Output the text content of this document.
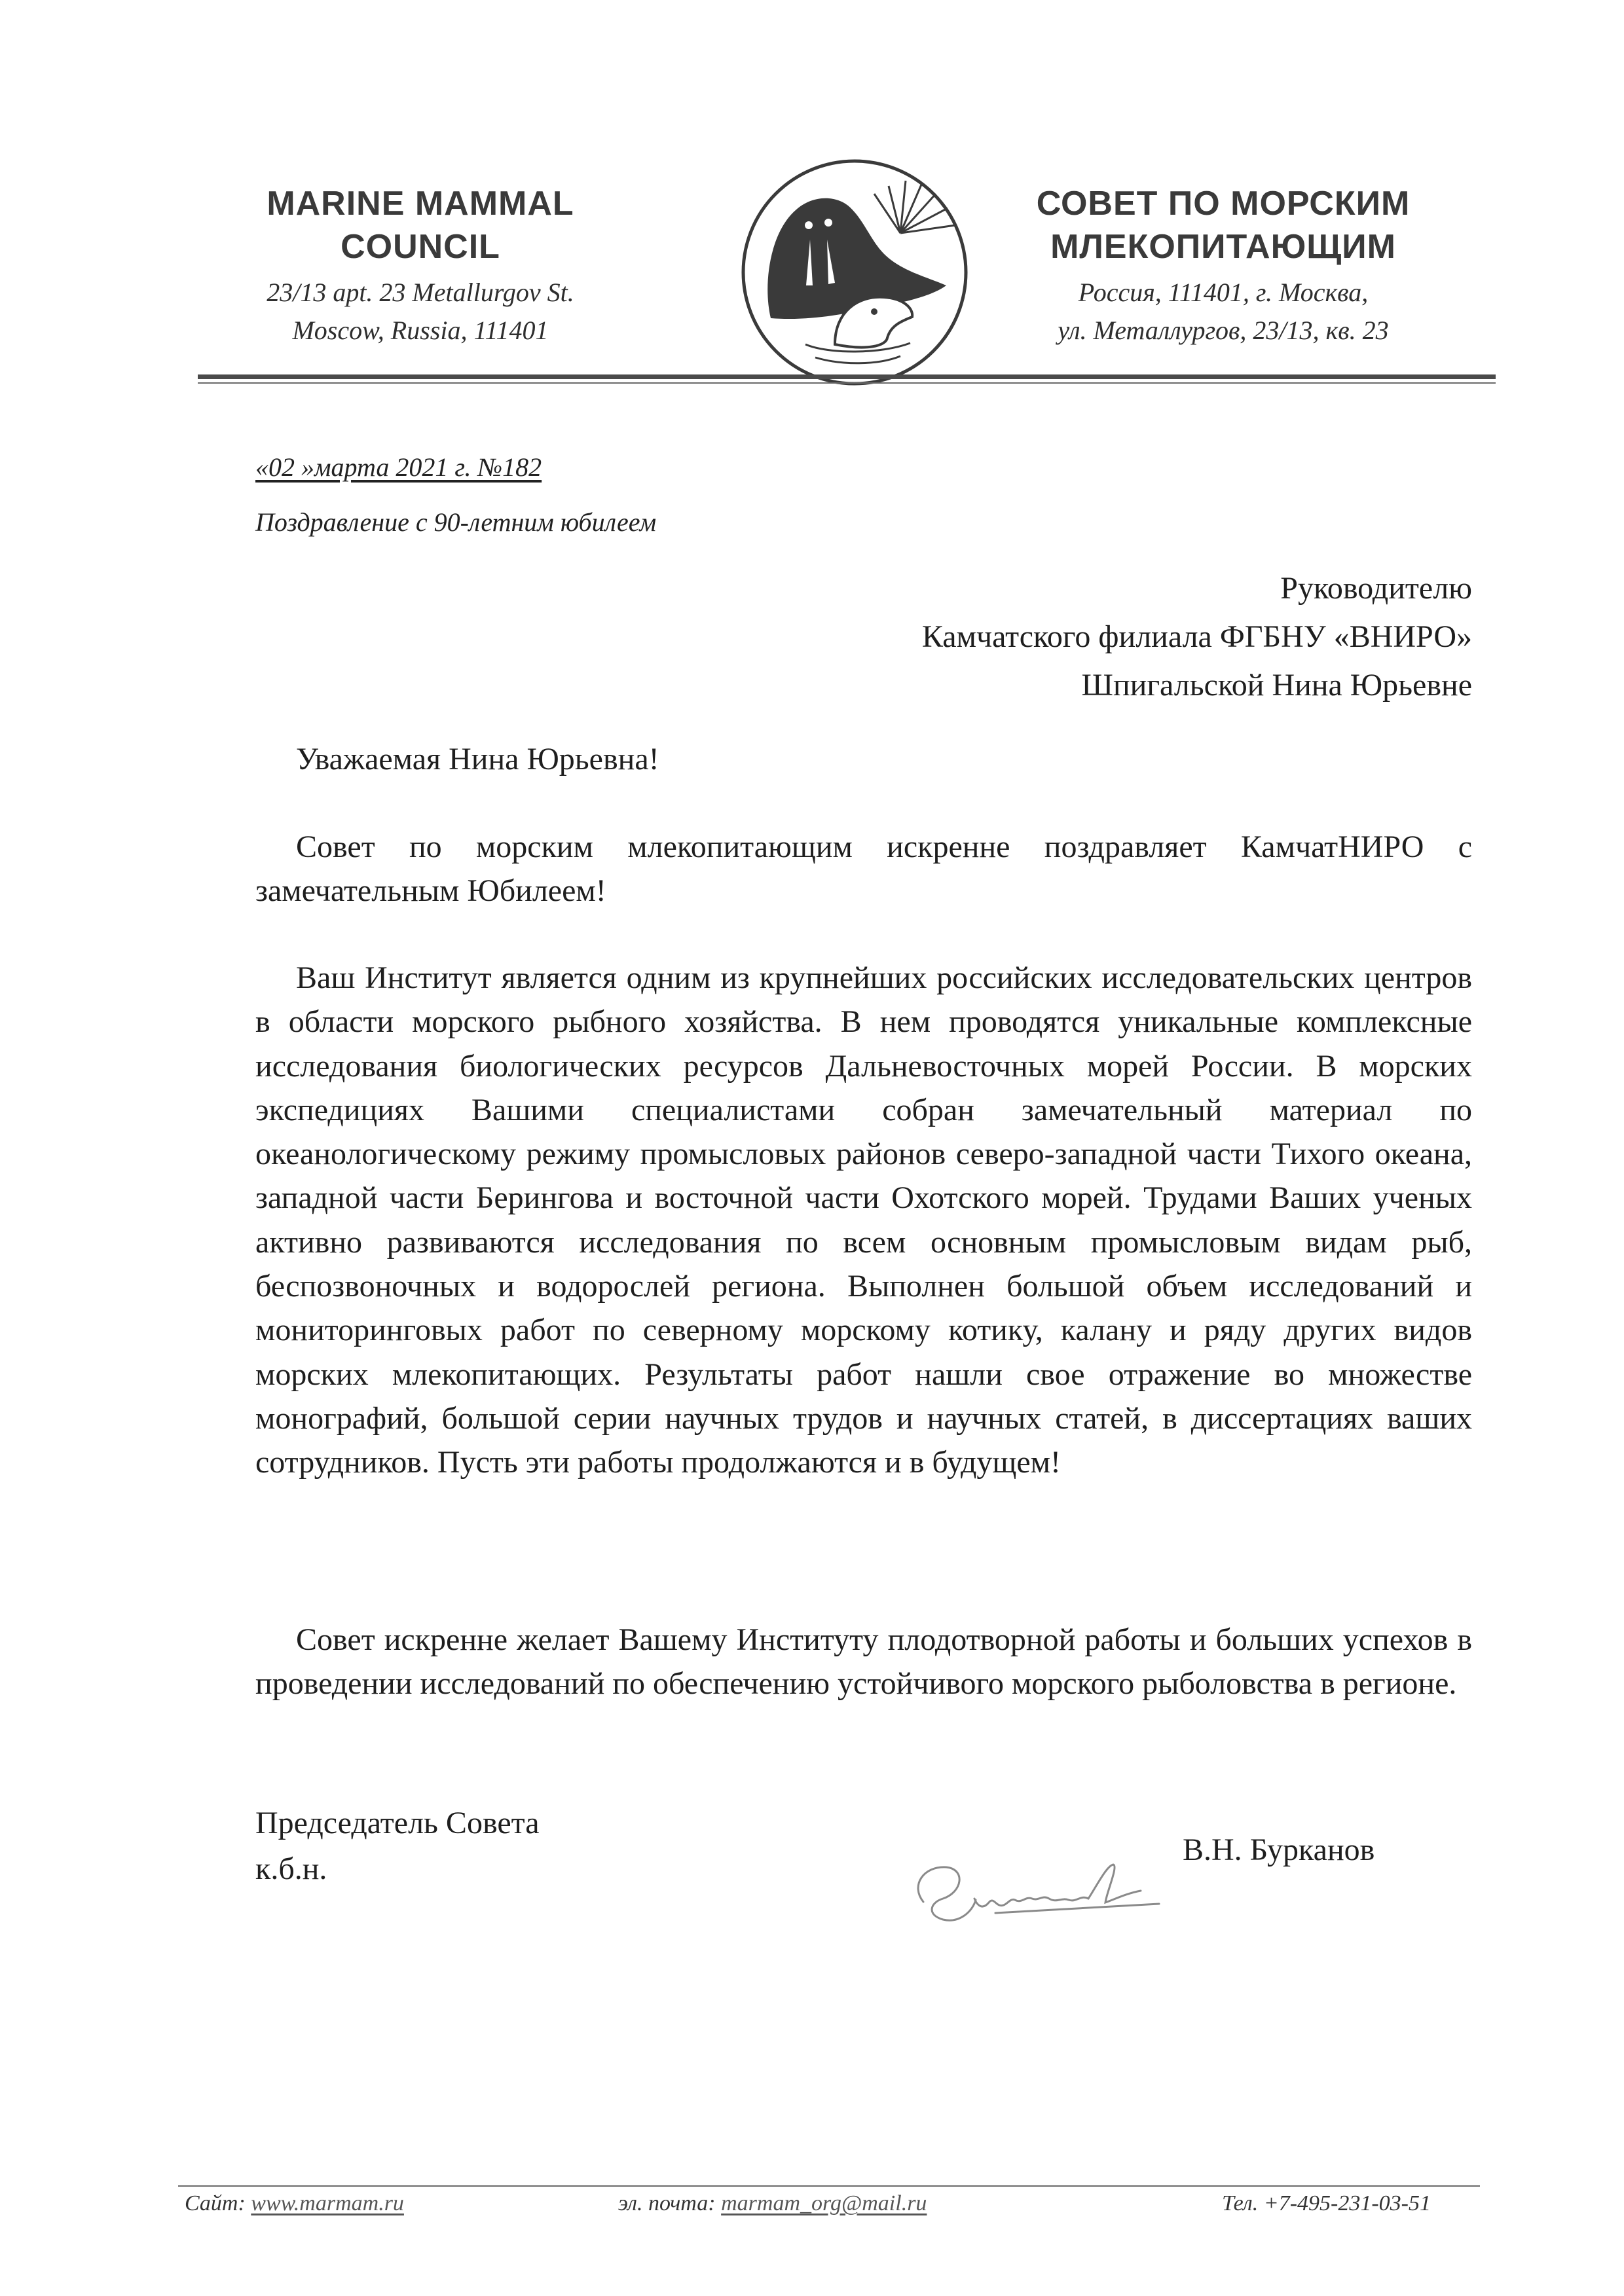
MARINE MAMMAL
COUNCIL
23/13 apt. 23 Metallurgov St.
Moscow, Russia, 111401
СОВЕТ ПО МОРСКИМ
МЛЕКОПИТАЮЩИМ
Россия, 111401, г. Москва,
ул. Металлургов, 23/13, кв. 23
«02 »марта 2021 г. №182
Поздравление с 90-летним юбилеем
Руководителю
Камчатского филиала ФГБНУ «ВНИРО»
Шпигальской Нина Юрьевне
Уважаемая Нина Юрьевна!
Совет по морским млекопитающим искренне поздравляет КамчатНИРО с замечательным Юбилеем!
Ваш Институт является одним из крупнейших российских исследовательских центров в области морского рыбного хозяйства. В нем проводятся уникальные комплексные исследования биологических ресурсов Дальневосточных морей России. В морских экспедициях Вашими специалистами собран замечательный материал по океанологическому режиму промысловых районов северо-западной части Тихого океана, западной части Берингова и восточной части Охотского морей. Трудами Ваших ученых активно развиваются исследования по всем основным промысловым видам рыб, беспозвоночных и водорослей региона. Выполнен большой объем исследований и мониторинговых работ по северному морскому котику, калану и ряду других видов морских млекопитающих. Результаты работ нашли свое отражение во множестве монографий, большой серии научных трудов и научных статей, в диссертациях ваших сотрудников. Пусть эти работы продолжаются и в будущем!
Совет искренне желает Вашему Институту плодотворной работы и больших успехов в проведении исследований по обеспечению устойчивого морского рыболовства в регионе.
Председатель Совета
к.б.н.
В.Н. Бурканов
Сайт: www.marmam.ru	эл. почта: marmam_org@mail.ru	Тел. +7-495-231-03-51
